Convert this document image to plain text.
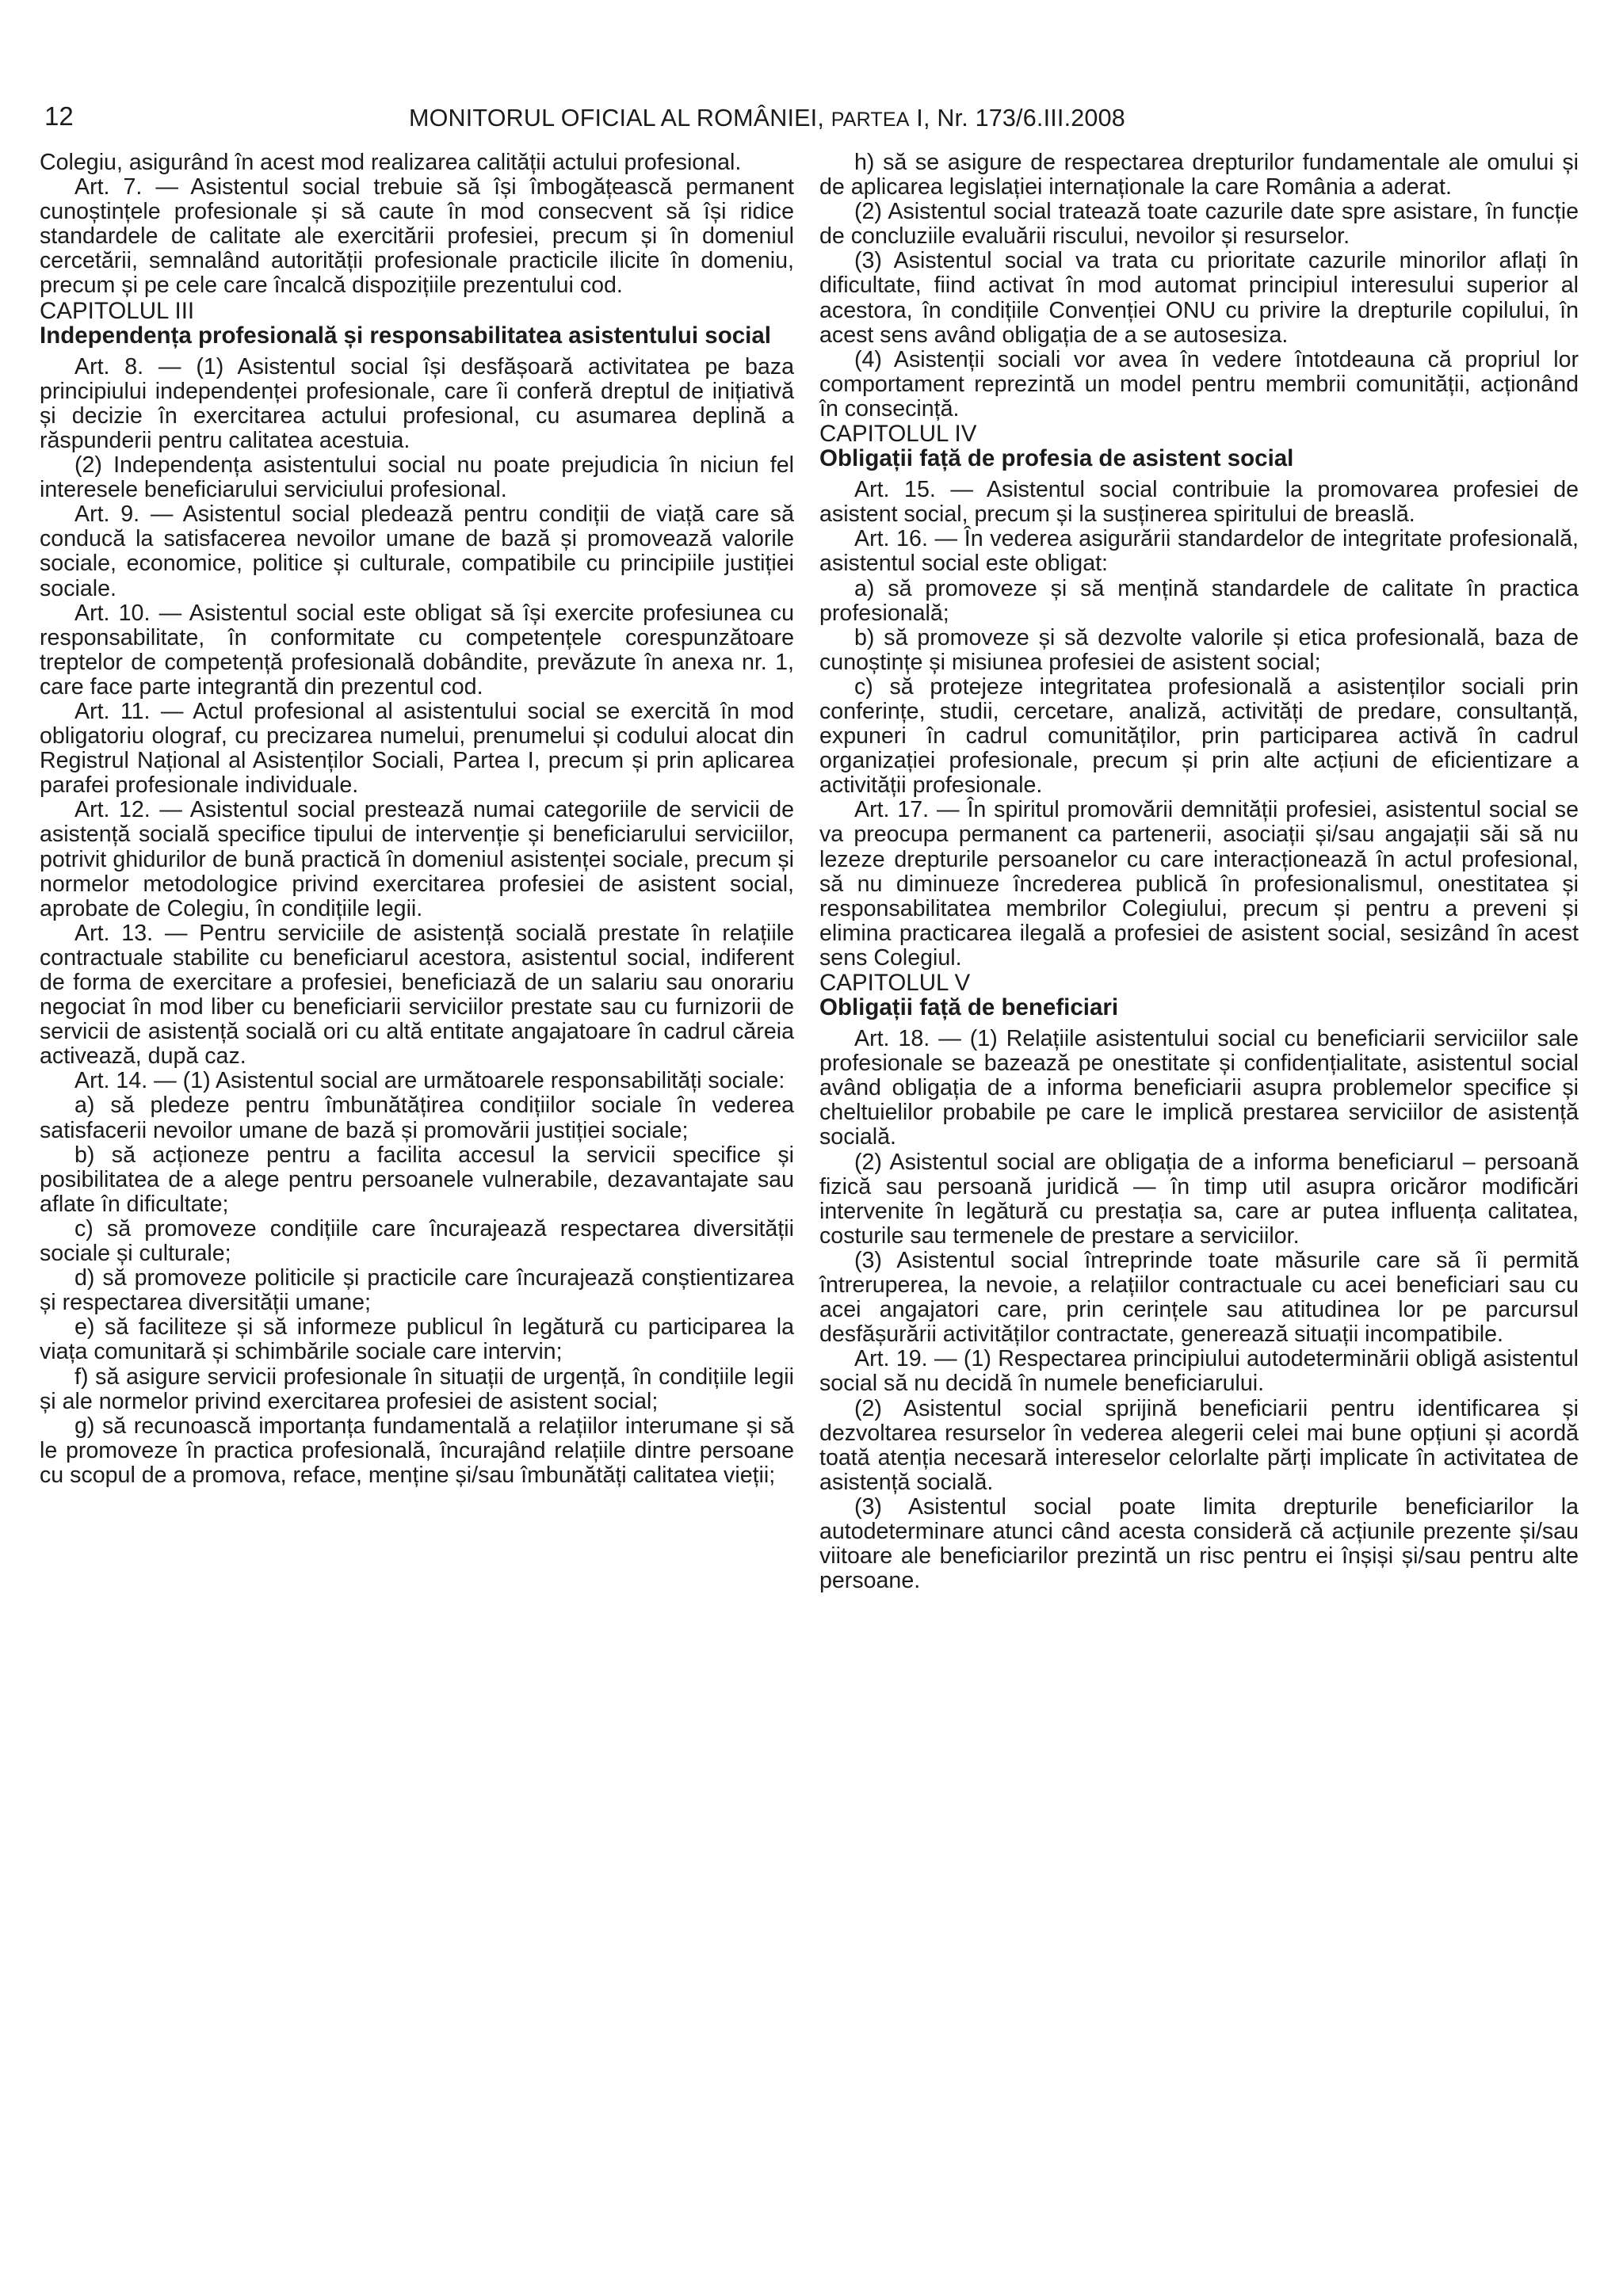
12	MONITORUL OFICIAL AL ROMÂNIEI, PARTEA I, Nr. 173/6.III.2008

Colegiu, asigurând în acest mod realizarea calității actului profesional.

Art. 7. — Asistentul social trebuie să își îmbogățească permanent cunoștințele profesionale și să caute în mod consecvent să își ridice standardele de calitate ale exercitării profesiei, precum și în domeniul cercetării, semnalând autorității profesionale practicile ilicite în domeniu, precum și pe cele care încalcă dispozițiile prezentului cod.

CAPITOLUL III

Independența profesională și responsabilitatea asistentului social

Art. 8. — (1) Asistentul social își desfășoară activitatea pe baza principiului independenței profesionale, care îi conferă dreptul de inițiativă și decizie în exercitarea actului profesional, cu asumarea deplină a răspunderii pentru calitatea acestuia.

(2) Independența asistentului social nu poate prejudicia în niciun fel interesele beneficiarului serviciului profesional.

Art. 9. — Asistentul social pledează pentru condiții de viață care să conducă la satisfacerea nevoilor umane de bază și promovează valorile sociale, economice, politice și culturale, compatibile cu principiile justiției sociale.

Art. 10. — Asistentul social este obligat să își exercite profesiunea cu responsabilitate, în conformitate cu competențele corespunzătoare treptelor de competență profesională dobândite, prevăzute în anexa nr. 1, care face parte integrantă din prezentul cod.

Art. 11. — Actul profesional al asistentului social se exercită în mod obligatoriu olograf, cu precizarea numelui, prenumelui și codului alocat din Registrul Național al Asistenților Sociali, Partea I, precum și prin aplicarea parafei profesionale individuale.

Art. 12. — Asistentul social prestează numai categoriile de servicii de asistență socială specifice tipului de intervenție și beneficiarului serviciilor, potrivit ghidurilor de bună practică în domeniul asistenței sociale, precum și normelor metodologice privind exercitarea profesiei de asistent social, aprobate de Colegiu, în condițiile legii.

Art. 13. — Pentru serviciile de asistență socială prestate în relațiile contractuale stabilite cu beneficiarul acestora, asistentul social, indiferent de forma de exercitare a profesiei, beneficiază de un salariu sau onorariu negociat în mod liber cu beneficiarii serviciilor prestate sau cu furnizorii de servicii de asistență socială ori cu altă entitate angajatoare în cadrul căreia activează, după caz.

Art. 14. — (1) Asistentul social are următoarele responsabilități sociale:

a) să pledeze pentru îmbunătățirea condițiilor sociale în vederea satisfacerii nevoilor umane de bază și promovării justiției sociale;

b) să acționeze pentru a facilita accesul la servicii specifice și posibilitatea de a alege pentru persoanele vulnerabile, dezavantajate sau aflate în dificultate;

c) să promoveze condițiile care încurajează respectarea diversității sociale și culturale;

d) să promoveze politicile și practicile care încurajează conștientizarea și respectarea diversității umane;

e) să faciliteze și să informeze publicul în legătură cu participarea la viața comunitară și schimbările sociale care intervin;

f) să asigure servicii profesionale în situații de urgență, în condițiile legii și ale normelor privind exercitarea profesiei de asistent social;

g) să recunoască importanța fundamentală a relațiilor interumane și să le promoveze în practica profesională, încurajând relațiile dintre persoane cu scopul de a promova, reface, menține și/sau îmbunătăți calitatea vieții;

h) să se asigure de respectarea drepturilor fundamentale ale omului și de aplicarea legislației internaționale la care România a aderat.

(2) Asistentul social tratează toate cazurile date spre asistare, în funcție de concluziile evaluării riscului, nevoilor și resurselor.

(3) Asistentul social va trata cu prioritate cazurile minorilor aflați în dificultate, fiind activat în mod automat principiul interesului superior al acestora, în condițiile Convenției ONU cu privire la drepturile copilului, în acest sens având obligația de a se autosesiza.

(4) Asistenții sociali vor avea în vedere întotdeauna că propriul lor comportament reprezintă un model pentru membrii comunității, acționând în consecință.

CAPITOLUL IV

Obligații față de profesia de asistent social

Art. 15. — Asistentul social contribuie la promovarea profesiei de asistent social, precum și la susținerea spiritului de breaslă.

Art. 16. — În vederea asigurării standardelor de integritate profesională, asistentul social este obligat:

a) să promoveze și să mențină standardele de calitate în practica profesională;

b) să promoveze și să dezvolte valorile și etica profesională, baza de cunoștințe și misiunea profesiei de asistent social;

c) să protejeze integritatea profesională a asistenților sociali prin conferințe, studii, cercetare, analiză, activități de predare, consultanță, expuneri în cadrul comunităților, prin participarea activă în cadrul organizației profesionale, precum și prin alte acțiuni de eficientizare a activității profesionale.

Art. 17. — În spiritul promovării demnității profesiei, asistentul social se va preocupa permanent ca partenerii, asociații și/sau angajații săi să nu lezeze drepturile persoanelor cu care interacționează în actul profesional, să nu diminueze încrederea publică în profesionalismul, onestitatea și responsabilitatea membrilor Colegiului, precum și pentru a preveni și elimina practicarea ilegală a profesiei de asistent social, sesizând în acest sens Colegiul.

CAPITOLUL V

Obligații față de beneficiari

Art. 18. — (1) Relațiile asistentului social cu beneficiarii serviciilor sale profesionale se bazează pe onestitate și confidențialitate, asistentul social având obligația de a informa beneficiarii asupra problemelor specifice și cheltuielilor probabile pe care le implică prestarea serviciilor de asistență socială.

(2) Asistentul social are obligația de a informa beneficiarul – persoană fizică sau persoană juridică — în timp util asupra oricăror modificări intervenite în legătură cu prestația sa, care ar putea influența calitatea, costurile sau termenele de prestare a serviciilor.

(3) Asistentul social întreprinde toate măsurile care să îi permită întreruperea, la nevoie, a relațiilor contractuale cu acei beneficiari sau cu acei angajatori care, prin cerințele sau atitudinea lor pe parcursul desfășurării activităților contractate, generează situații incompatibile.

Art. 19. — (1) Respectarea principiului autodeterminării obligă asistentul social să nu decidă în numele beneficiarului.

(2) Asistentul social sprijină beneficiarii pentru identificarea și dezvoltarea resurselor în vederea alegerii celei mai bune opțiuni și acordă toată atenția necesară intereselor celorlalte părți implicate în activitatea de asistență socială.

(3) Asistentul social poate limita drepturile beneficiarilor la autodeterminare atunci când acesta consideră că acțiunile prezente și/sau viitoare ale beneficiarilor prezintă un risc pentru ei înșiși și/sau pentru alte persoane.
